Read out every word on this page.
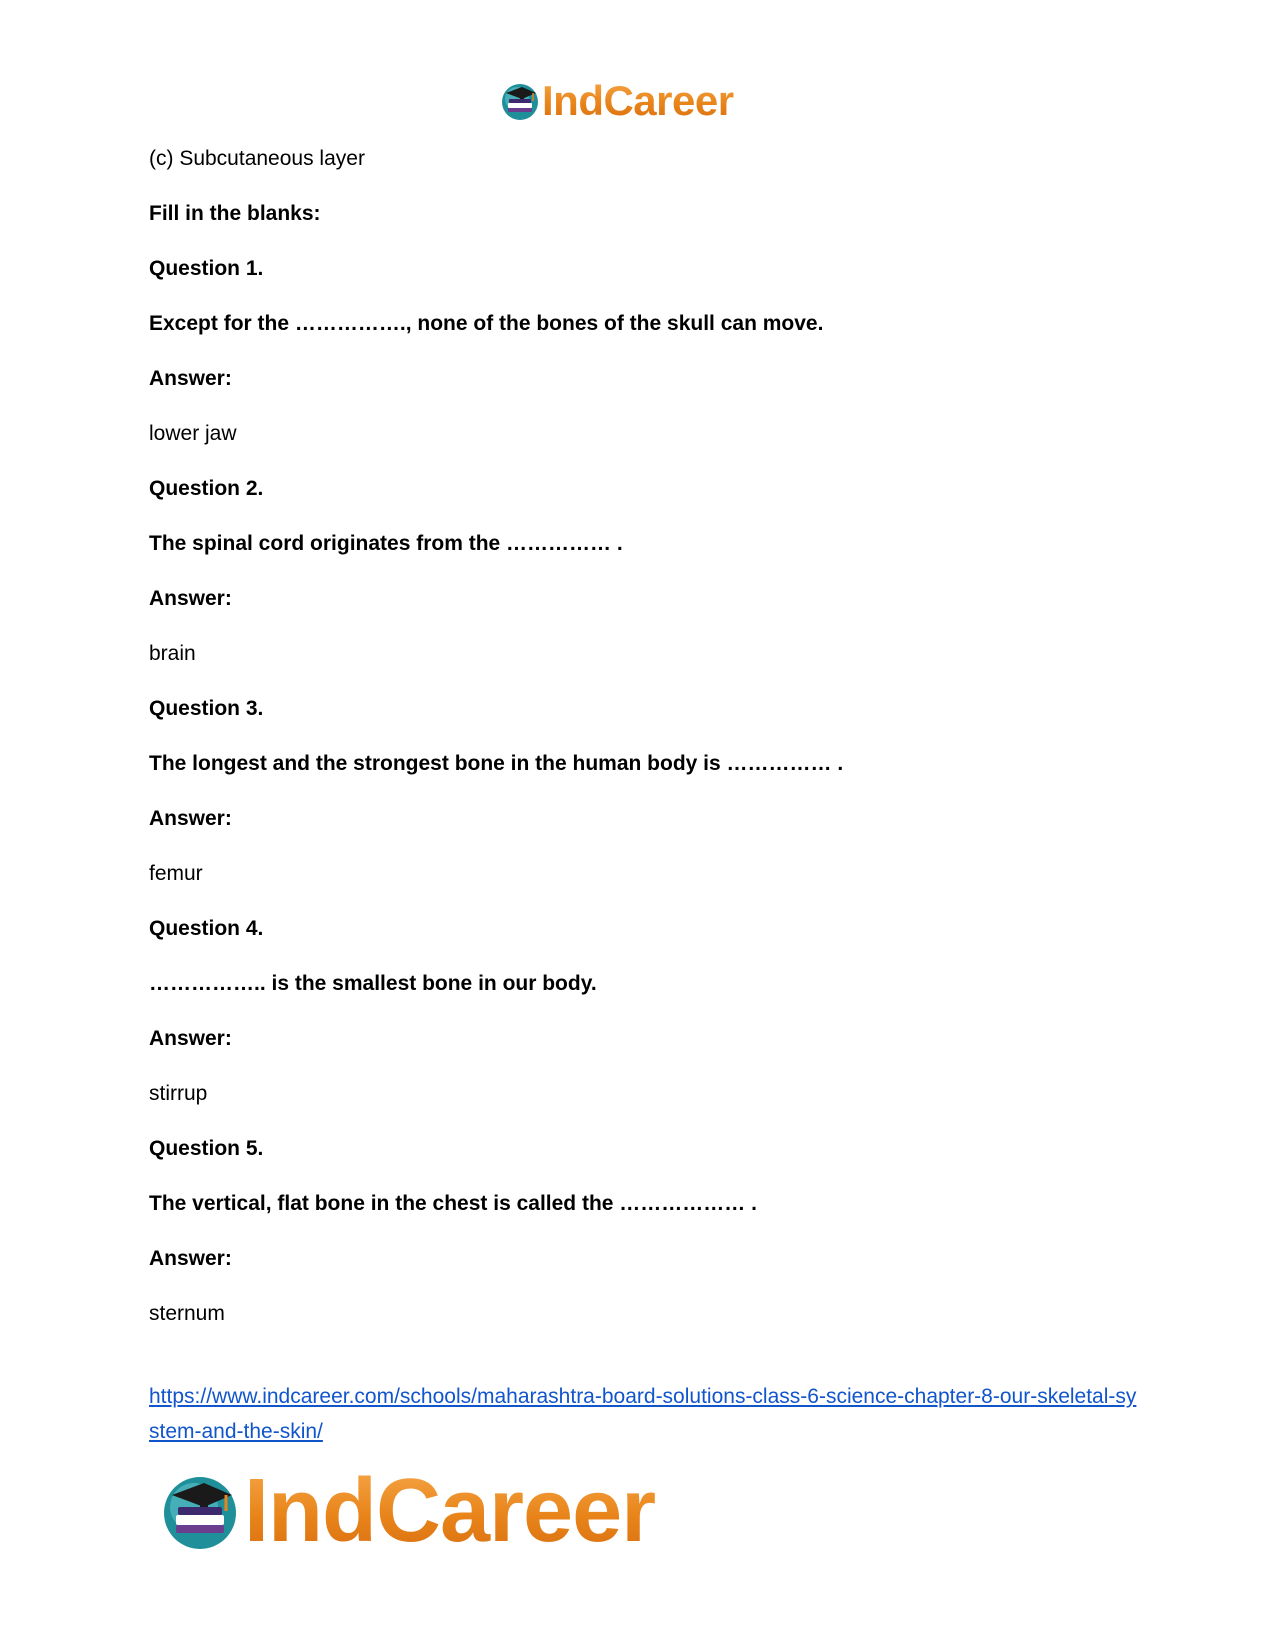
IndCareer
(c) Subcutaneous layer
Fill in the blanks:
Question 1.
Except for the ……………., none of the bones of the skull can move.
Answer:
lower jaw
Question 2.
The spinal cord originates from the …………… .
Answer:
brain
Question 3.
The longest and the strongest bone in the human body is …………… .
Answer:
femur
Question 4.
…………….. is the smallest bone in our body.
Answer:
stirrup
Question 5.
The vertical, flat bone in the chest is called the ……………… .
Answer:
sternum
https://www.indcareer.com/schools/maharashtra-board-solutions-class-6-science-chapter-8-our-skeletal-system-and-the-skin/
IndCareer
